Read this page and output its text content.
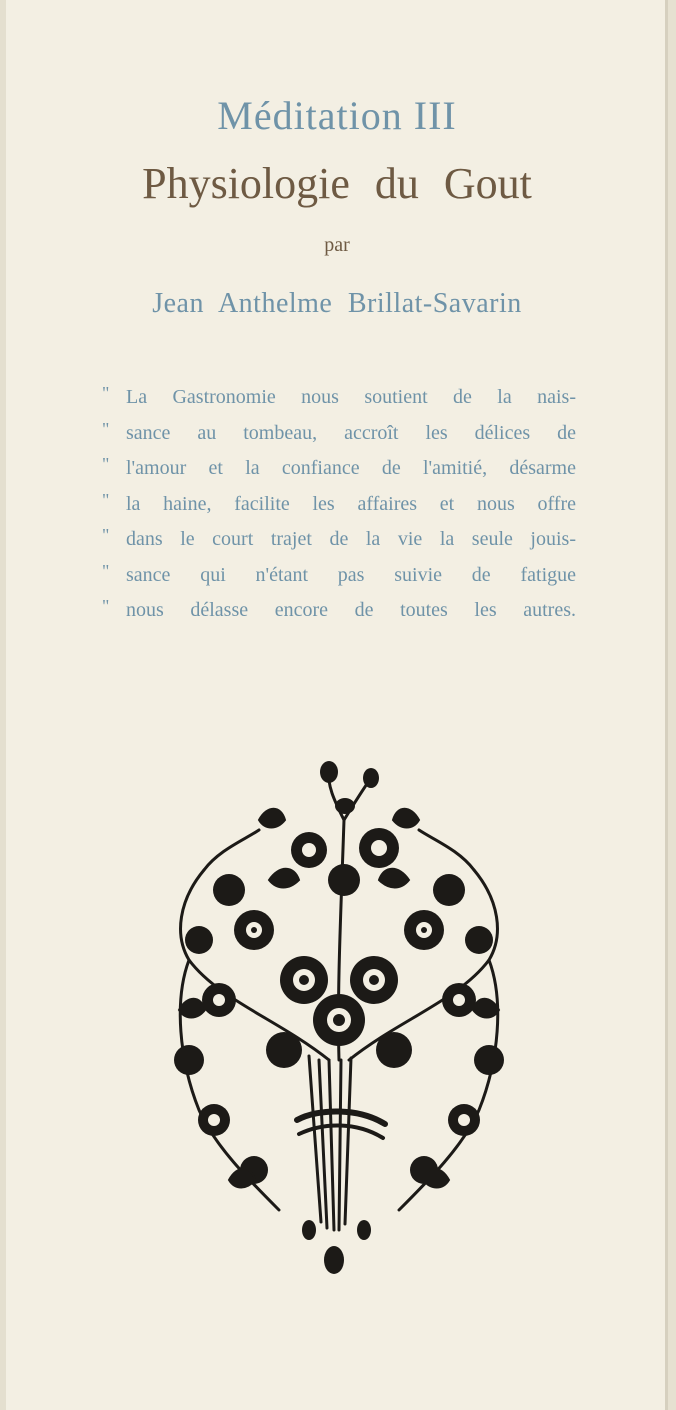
Méditation III
Physiologie du Gout
par
Jean Anthelme Brillat-Savarin
" La Gastronomie nous soutient de la nais-
" sance au tombeau, accroît les délices de
" l'amour et la confiance de l'amitié, désarme
" la haine, facilite les affaires et nous offre
" dans le court trajet de la vie la seule jouis-
" sance qui n'étant pas suivie de fatigue
" nous délasse encore de toutes les autres.
